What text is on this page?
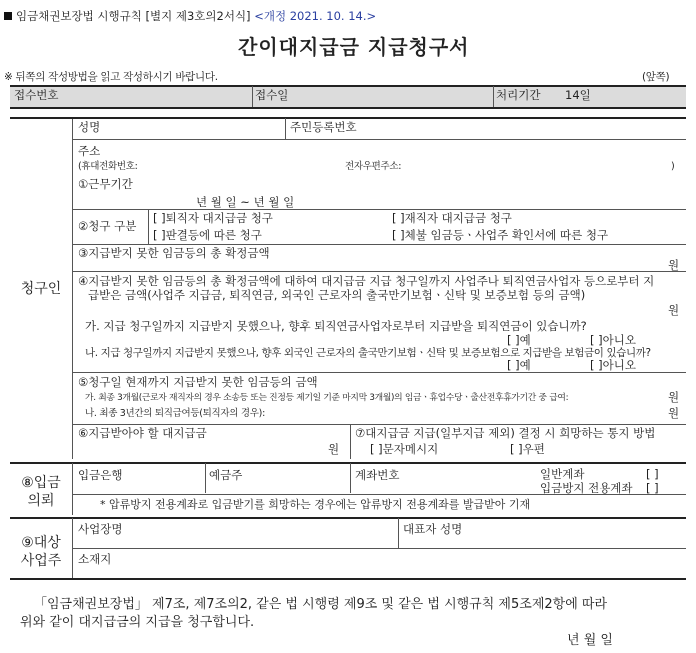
임금채권보장법 시행규칙 [별지 제3호의2서식] <개정 2021. 10. 14.>
간이대지급금 지급청구서
※ 뒤쪽의 작성방법을 읽고 작성하시기 바랍니다.	(앞쪽)
접수번호	접수일	처리기간 14일
청구인
성명	주민등록번호
주소
(휴대전화번호:	전자우편주소:	)
①근무기간
년 월 일 ~ 년 월 일
②청구 구분
[ ]퇴직자 대지급금 청구	[ ]재직자 대지급금 청구
[ ]판결등에 따른 청구	[ ]체불 임금등ㆍ사업주 확인서에 따른 청구
③지급받지 못한 임금등의 총 확정금액
원
④지급받지 못한 임금등의 총 확정금액에 대하여 대지급금 지급 청구일까지 사업주나 퇴직연금사업자 등으로부터 지
급받은 금액(사업주 지급금, 퇴직연금, 외국인 근로자의 출국만기보험ㆍ신탁 및 보증보험 등의 금액)
원
가. 지급 청구일까지 지급받지 못했으나, 향후 퇴직연금사업자로부터 지급받을 퇴직연금이 있습니까?
[ ]예	[ ]아니오
나. 지급 청구일까지 지급받지 못했으나, 향후 외국인 근로자의 출국만기보험ㆍ신탁 및 보증보험으로 지급받을 보험금이 있습니까?
[ ]예	[ ]아니오
⑤청구일 현재까지 지급받지 못한 임금등의 금액
가. 최종 3개월(근로자 재직자의 경우 소송등 또는 진정등 제기일 기준 마지막 3개월)의 임금ㆍ휴업수당ㆍ출산전후휴가기간 중 급여:	원
나. 최종 3년간의 퇴직급여등(퇴직자의 경우):	원
⑥지급받아야 할 대지급금
원
⑦대지급금 지급(일부지급 제외) 결정 시 희망하는 통지 방법
[ ]문자메시지	[ ]우편
⑧입금
의뢰
입금은행	예금주	계좌번호	일반계좌	[ ]
입금방지 전용계좌 [ ]
* 압류방지 전용계좌로 입금받기를 희망하는 경우에는 압류방지 전용계좌를 발급받아 기재
⑨대상
사업주
사업장명	대표자 성명
소재지
「임금채권보장법」 제7조, 제7조의2, 같은 법 시행령 제9조 및 같은 법 시행규칙 제5조제2항에 따라
위와 같이 대지급금의 지급을 청구합니다.
년 월 일
